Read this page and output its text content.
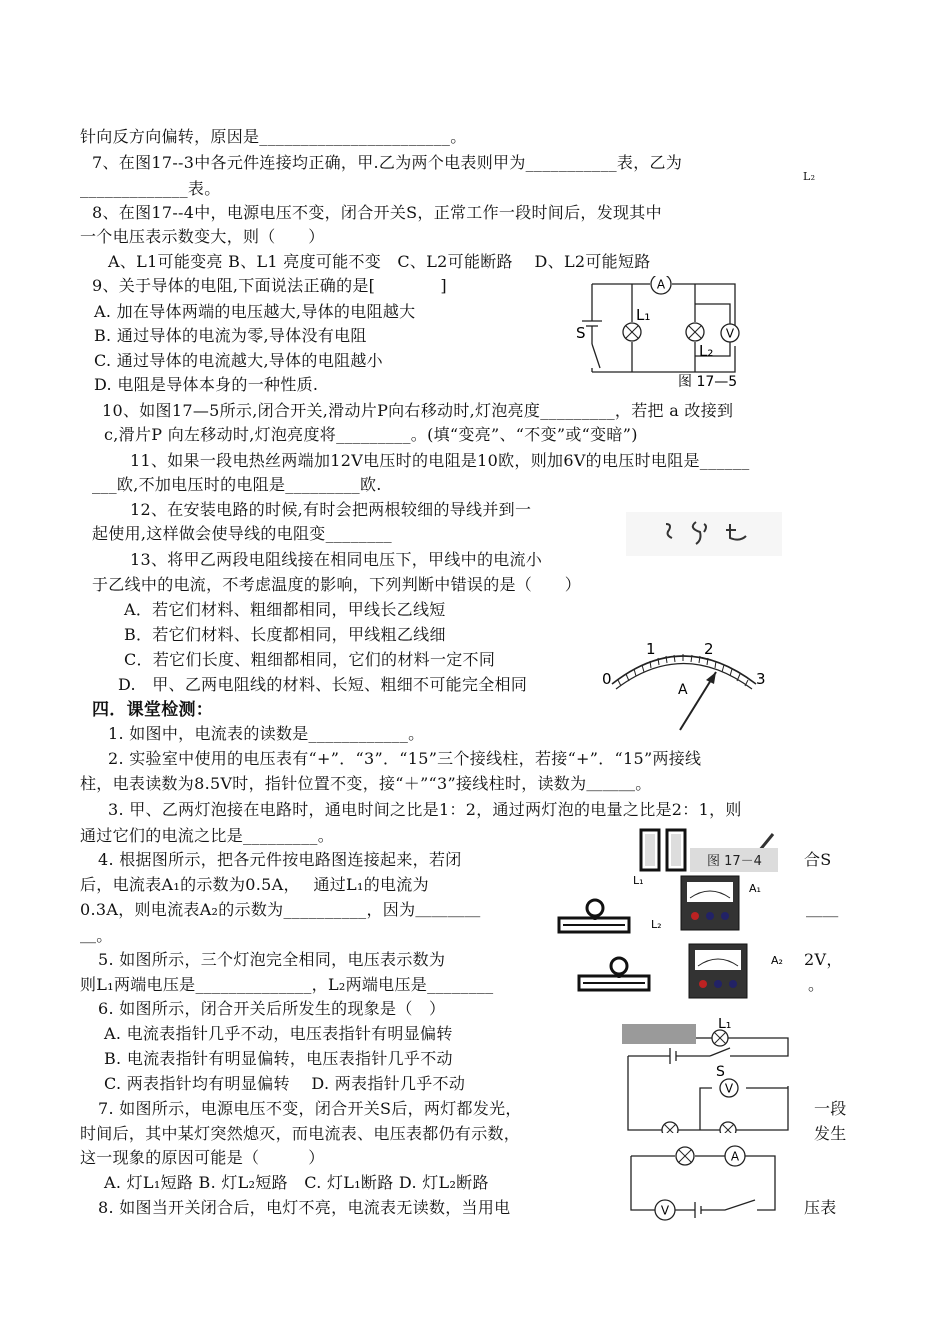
针向反方向偏转，原因是_______________________。
7、在图17--3中各元件连接均正确，甲.乙为两个电表则甲为___________表，乙为
_____________表。
8、在图17--4中，电源电压不变，闭合开关S，正常工作一段时间后，发现其中
一个电压表示数变大，则（　　）
A、L1可能变亮 B、L1 亮度可能不变　C、L2可能断路　 D、L2可能短路
9、关于导体的电阻,下面说法正确的是[　　　　]
A. 加在导体两端的电压越大,导体的电阻越大
B. 通过导体的电流为零,导体没有电阻
C. 通过导体的电流越大,导体的电阻越小
D. 电阻是导体本身的一种性质.
10、如图17—5所示,闭合开关,滑动片P向右移动时,灯泡亮度_________，若把 a 改接到
c,滑片P 向左移动时,灯泡亮度将_________。(填“变亮”、“不变”或“变暗”)
11、如果一段电热丝两端加12V电压时的电阻是10欧，则加6V的电压时电阻是______
___欧,不加电压时的电阻是_________欧.
12、在安装电路的时候,有时会把两根较细的导线并到一
起使用,这样做会使导线的电阻变________
13、将甲乙两段电阻线接在相同电压下，甲线中的电流小
于乙线中的电流，不考虑温度的影响，下列判断中错误的是（　　）
A．若它们材料、粗细都相同，甲线长乙线短
B．若它们材料、长度都相同，甲线粗乙线细
C．若它们长度、粗细都相同，它们的材料一定不同
D.　甲、乙两电阻线的材料、长短、粗细不可能完全相同
四．课堂检测：
1. 如图中，电流表的读数是____________。
2. 实验室中使用的电压表有“+”．“3”．“15”三个接线柱，若接“+”．“15”两接线
柱，电表读数为8.5V时，指针位置不变，接“＋”“3”接线柱时，读数为＿＿＿。
3. 甲、乙两灯泡接在电路时，通电时间之比是1：2，通过两灯泡的电量之比是2：1，则
通过它们的电流之比是_________。
4. 根据图所示，把各元件按电路图连接起来，若闭	合S
后，电流表A₁的示数为0.5A，　 通过L₁的电流为
0.3A，则电流表A₂的示数为__________，因为＿＿＿＿	＿＿
＿。
5. 如图所示，三个灯泡完全相同，电压表示数为	2V，
则L₁两端电压是______________，L₂两端电压是________	。
6. 如图所示，闭合开关后所发生的现象是（　）
A. 电流表指针几乎不动，电压表指针有明显偏转
B. 电流表指针有明显偏转，电压表指针几乎不动
C. 两表指针均有明显偏转　 D. 两表指针几乎不动
7. 如图所示，电源电压不变，闭合开关S后，两灯都发光，	一段
时间后，其中某灯突然熄灭，而电流表、电压表都仍有示数，	发生
这一现象的原因可能是（　　　）
A. 灯L₁短路 B. 灯L₂短路　C. 灯L₁断路 D. 灯L₂断路
8. 如图当开关闭合后，电灯不亮，电流表无读数，当用电	压表
L₂
A
V
L₁
L₂
S
图 17—5
0
1	2
3
A
图 17－4
L₁
L₂
A₁
A₂
L₁
S
V
A
V
